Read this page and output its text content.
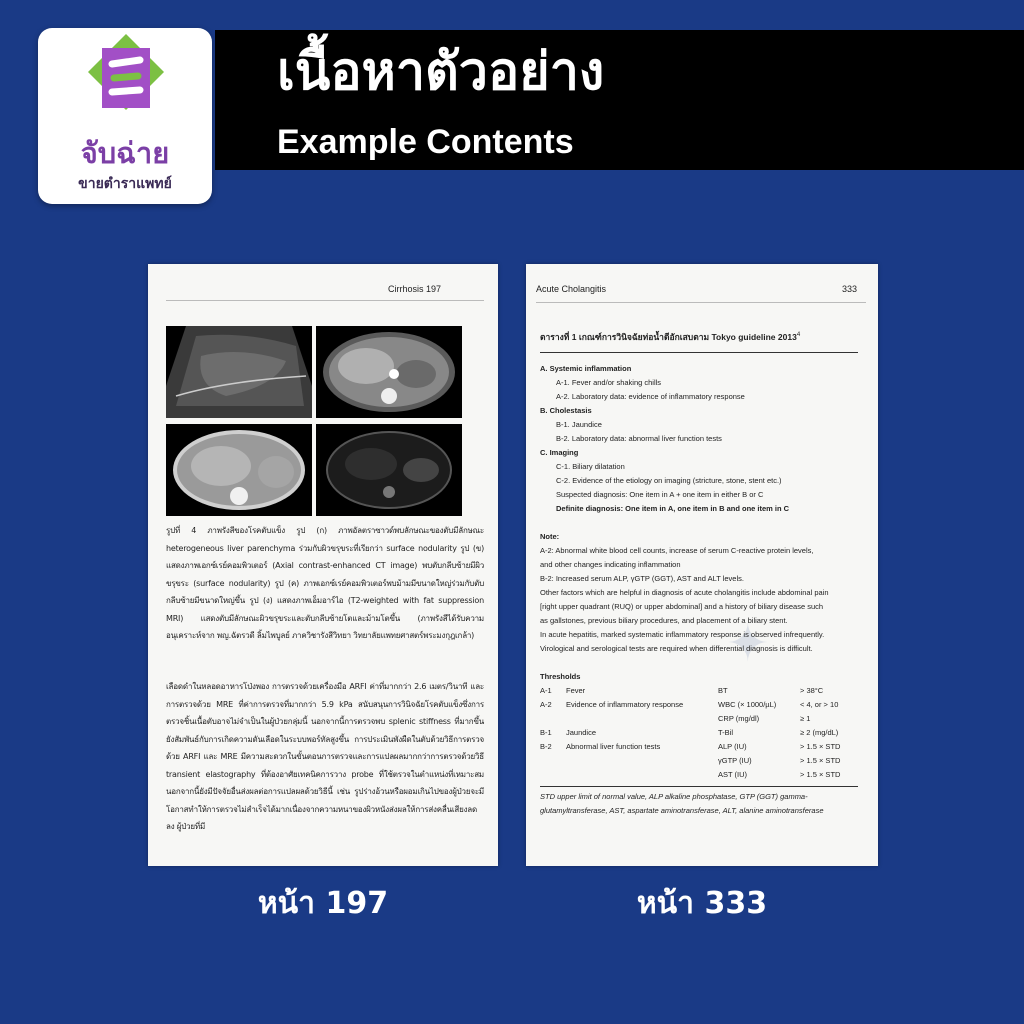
จับฉ่าย
ขายตำราแพทย์
เนื้อหาตัวอย่าง
Example Contents
Cirrhosis 197
รูปที่ 4 ภาพรังสีของโรคตับแข็ง รูป (ก) ภาพอัลตราซาวด์พบลักษณะของตับมีลักษณะ heterogeneous liver parenchyma ร่วมกับผิวขรุขระที่เรียกว่า surface nodularity รูป (ข) แสดงภาพเอกซ์เรย์คอมพิวเตอร์ (Axial contrast-enhanced CT image) พบตับกลีบซ้ายมีผิวขรุขระ (surface nodularity) รูป (ค) ภาพเอกซ์เรย์คอมพิวเตอร์พบม้ามมีขนาดใหญ่ร่วมกับตับกลีบซ้ายมีขนาดใหญ่ขึ้น รูป (ง) แสดงภาพเอ็มอาร์ไอ (T2-weighted with fat suppression MRI) แสดงตับมีลักษณะผิวขรุขระและตับกลีบซ้ายโตและม้ามโตขึ้น (ภาพรังสีได้รับความอนุเคราะห์จาก พญ.ฉัตรวดี ลิ้มไพบูลย์ ภาควิชารังสีวิทยา วิทยาลัยแพทยศาสตร์พระมงกุฎเกล้า)
เลือดดำในหลอดอาหารโป่งพอง การตรวจด้วยเครื่องมือ ARFI ค่าที่มากกว่า 2.6 เมตร/วินาที และการตรวจด้วย MRE ที่ค่าการตรวจที่มากกว่า 5.9 kPa สนับสนุนการวินิจฉัยโรคตับแข็งซึ่งการตรวจชิ้นเนื้อตับอาจไม่จำเป็นในผู้ป่วยกลุ่มนี้ นอกจากนี้การตรวจพบ splenic stiffness ที่มากขึ้นยังสัมพันธ์กับการเกิดความดันเลือดในระบบพอร์ทัลสูงขึ้น การประเมินพังผืดในตับด้วยวิธีการตรวจด้วย ARFI และ MRE มีความสะดวกในขั้นตอนการตรวจและการแปลผลมากกว่าการตรวจด้วยวิธี transient elastography ที่ต้องอาศัยเทคนิคการวาง probe ที่ใช้ตรวจในตำแหน่งที่เหมาะสม นอกจากนี้ยังมีปัจจัยอื่นส่งผลต่อการแปลผลด้วยวิธีนี้ เช่น รูปร่างอ้วนหรือผอมเกินไปของผู้ป่วยจะมีโอกาสทำให้การตรวจไม่สำเร็จได้มากเนื่องจากความหนาของผิวหนังส่งผลให้การส่งคลื่นเสียงลดลง ผู้ป่วยที่มี
✦
Acute Cholangitis	333
ตารางที่ 1 เกณฑ์การวินิจฉัยท่อน้ำดีอักเสบตาม Tokyo guideline 2013$^4$
A. Systemic inflammation
A-1. Fever and/or shaking chills
A-2. Laboratory data: evidence of inflammatory response
B. Cholestasis
B-1. Jaundice
B-2. Laboratory data: abnormal liver function tests
C. Imaging
C-1. Biliary dilatation
C-2. Evidence of the etiology on imaging (stricture, stone, stent etc.)
Suspected diagnosis: One item in A + one item in either B or C
Definite diagnosis: One item in A, one item in B and one item in C
Note:
A-2: Abnormal white blood cell counts, increase of serum C-reactive protein levels,
and other changes indicating inflammation
B-2: Increased serum ALP, γGTP (GGT), AST and ALT levels.
Other factors which are helpful in diagnosis of acute cholangitis include abdominal pain
[right upper quadrant (RUQ) or upper abdominal] and a history of biliary disease such
as gallstones, previous biliary procedures, and placement of a biliary stent.
In acute hepatitis, marked systematic inflammatory response is observed infrequently.
Virological and serological tests are required when differential diagnosis is difficult.
Thresholds
A-1 Fever	BT	> 38°C
A-2 Evidence of inflammatory response	WBC (× 1000/µL)	< 4, or > 10
CRP (mg/dl)	≥ 1
B-1 Jaundice	T-Bil	≥ 2 (mg/dL)
B-2 Abnormal liver function tests	ALP (IU)	> 1.5 × STD
γGTP (IU)	> 1.5 × STD
AST (IU)	> 1.5 × STD
STD upper limit of normal value, ALP alkaline phosphatase, GTP (GGT) gamma-
glutamyltransferase, AST, aspartate aminotransferase, ALT, alanine aminotransferase
หน้า 197	หน้า 333
